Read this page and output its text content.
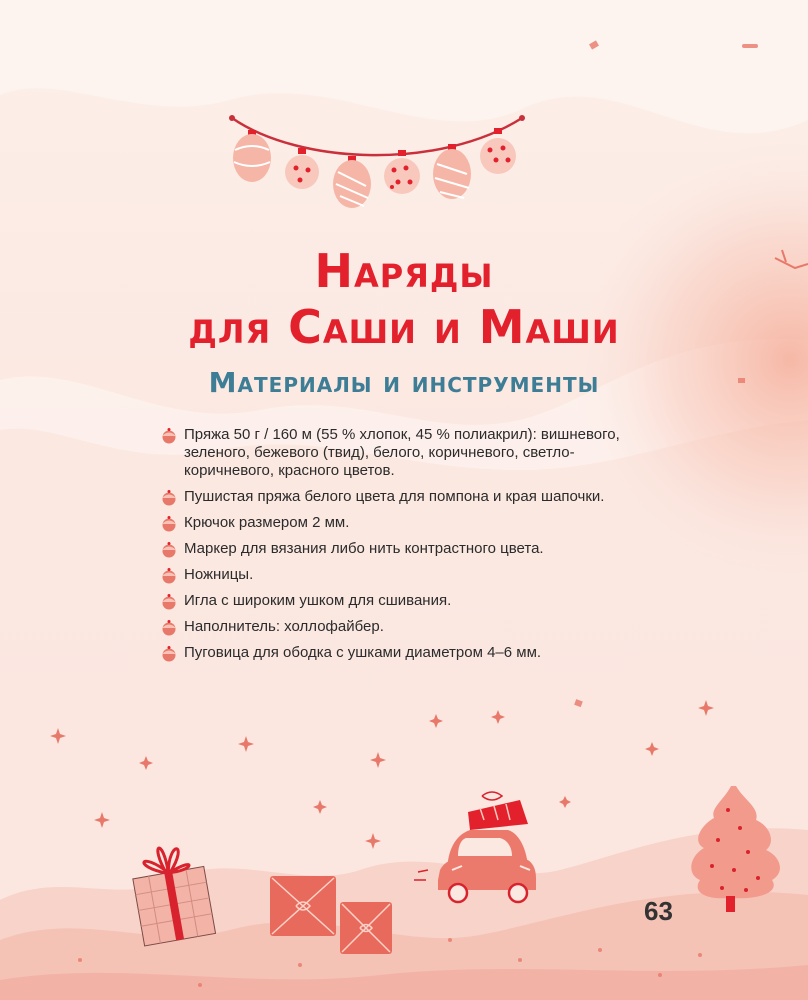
Наряды
для Саши и Маши
Материалы и инструменты
Пряжа 50 г / 160 м (55 % хлопок, 45 % полиакрил): вишневого, зеленого, бежевого (твид), белого, коричневого, светло-коричневого, красного цветов.
Пушистая пряжа белого цвета для помпона и края шапочки.
Крючок размером 2 мм.
Маркер для вязания либо нить контрастного цвета.
Ножницы.
Игла с широким ушком для сшивания.
Наполнитель: холлофайбер.
Пуговица для ободка с ушками диаметром 4–6 мм.
63
